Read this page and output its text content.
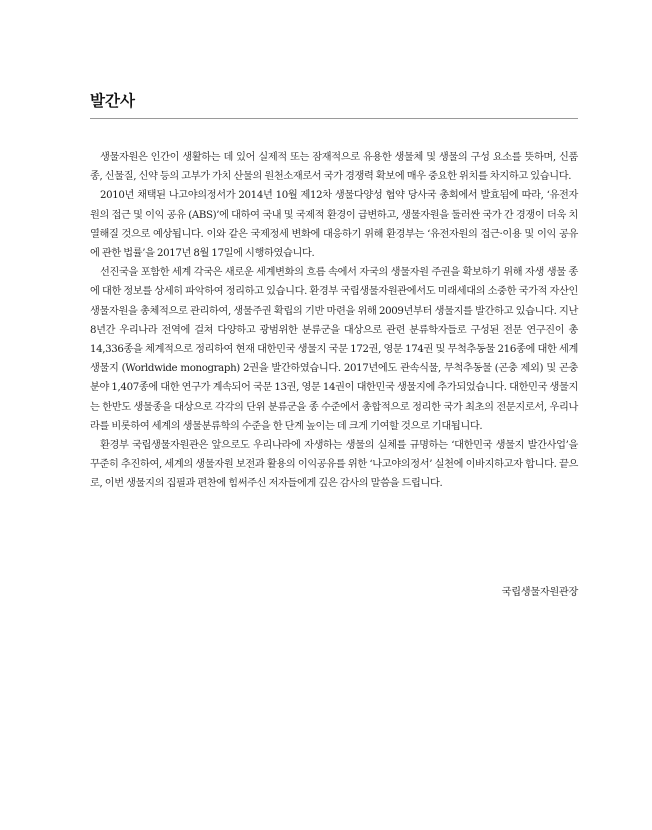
발간사

생물자원은 인간이 생활하는 데 있어 실제적 또는 잠재적으로 유용한 생물체 및 생물의 구성 요소를 뜻하며, 신품종, 신물질, 신약 등의 고부가 가치 산물의 원천소재로서 국가 경쟁력 확보에 매우 중요한 위치를 차지하고 있습니다.

2010년 채택된 나고야의정서가 2014년 10월 제12차 생물다양성 협약 당사국 총회에서 발효됨에 따라, ‘유전자원의 접근 및 이익 공유 (ABS)’에 대하여 국내 및 국제적 환경이 급변하고, 생물자원을 둘러싼 국가 간 경쟁이 더욱 치열해질 것으로 예상됩니다. 이와 같은 국제정세 변화에 대응하기 위해 환경부는 ‘유전자원의 접근·이용 및 이익 공유에 관한 법률’을 2017년 8월 17일에 시행하였습니다.

선진국을 포함한 세계 각국은 새로운 세계변화의 흐름 속에서 자국의 생물자원 주권을 확보하기 위해 자생 생물 종에 대한 정보를 상세히 파악하여 정리하고 있습니다. 환경부 국립생물자원관에서도 미래세대의 소중한 국가적 자산인 생물자원을 총체적으로 관리하여, 생물주권 확립의 기반 마련을 위해 2009년부터 생물지를 발간하고 있습니다. 지난 8년간 우리나라 전역에 걸쳐 다양하고 광범위한 분류군을 대상으로 관련 분류학자들로 구성된 전문 연구진이 총 14,336종을 체계적으로 정리하여 현재 대한민국 생물지 국문 172권, 영문 174권 및 무척추동물 216종에 대한 세계 생물지 (Worldwide monograph) 2권을 발간하였습니다. 2017년에도 관속식물, 무척추동물 (곤충 제외) 및 곤충 분야 1,407종에 대한 연구가 계속되어 국문 13권, 영문 14권이 대한민국 생물지에 추가되었습니다. 대한민국 생물지는 한반도 생물종을 대상으로 각각의 단위 분류군을 종 수준에서 총합적으로 정리한 국가 최초의 전문지로서, 우리나라를 비롯하여 세계의 생물분류학의 수준을 한 단계 높이는 데 크게 기여할 것으로 기대됩니다.

환경부 국립생물자원관은 앞으로도 우리나라에 자생하는 생물의 실체를 규명하는 ‘대한민국 생물지 발간사업’을 꾸준히 추진하여, 세계의 생물자원 보전과 활용의 이익공유를 위한 ‘나고야의정서’ 실천에 이바지하고자 합니다. 끝으로, 이번 생물지의 집필과 편찬에 힘써주신 저자들에게 깊은 감사의 말씀을 드립니다.

국립생물자원관장
